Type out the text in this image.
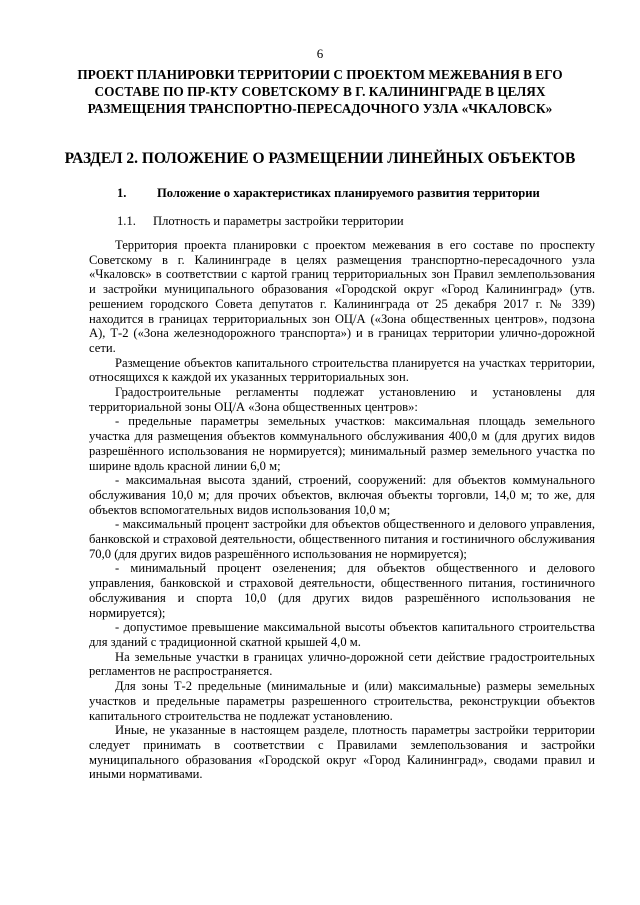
6
ПРОЕКТ ПЛАНИРОВКИ ТЕРРИТОРИИ С ПРОЕКТОМ МЕЖЕВАНИЯ В ЕГО СОСТАВЕ ПО ПР-КТУ СОВЕТСКОМУ В Г. КАЛИНИНГРАДЕ В ЦЕЛЯХ РАЗМЕЩЕНИЯ ТРАНСПОРТНО-ПЕРЕСАДОЧНОГО УЗЛА «ЧКАЛОВСК»
РАЗДЕЛ 2. ПОЛОЖЕНИЕ О РАЗМЕЩЕНИИ ЛИНЕЙНЫХ ОБЪЕКТОВ
1. Положение о характеристиках планируемого развития территории
1.1. Плотность и параметры застройки территории

Территория проекта планировки с проектом межевания в его составе по проспекту Советскому в г. Калининграде в целях размещения транспортно-пересадочного узла «Чкаловск» в соответствии с картой границ территориальных зон Правил землепользования и застройки муниципального образования «Городской округ «Город Калининград» (утв. решением городского Совета депутатов г. Калининграда от 25 декабря 2017 г. № 339) находится в границах территориальных зон ОЦ/А («Зона общественных центров», подзона А), Т-2 («Зона железнодорожного транспорта») и в границах территории улично-дорожной сети.

Размещение объектов капитального строительства планируется на участках территории, относящихся к каждой их указанных территориальных зон.

Градостроительные регламенты подлежат установлению и установлены для территориальной зоны ОЦ/А «Зона общественных центров»:

- предельные параметры земельных участков: максимальная площадь земельного участка для размещения объектов коммунального обслуживания 400,0 м (для других видов разрешённого использования не нормируется); минимальный размер земельного участка по ширине вдоль красной линии 6,0 м;

- максимальная высота зданий, строений, сооружений: для объектов коммунального обслуживания 10,0 м; для прочих объектов, включая объекты торговли, 14,0 м; то же, для объектов вспомогательных видов использования 10,0 м;

- максимальный процент застройки для объектов общественного и делового управления, банковской и страховой деятельности, общественного питания и гостиничного обслуживания 70,0 (для других видов разрешённого использования не нормируется);

- минимальный процент озеленения; для объектов общественного и делового управления, банковской и страховой деятельности, общественного питания, гостиничного обслуживания и спорта 10,0 (для других видов разрешённого использования не нормируется);

- допустимое превышение максимальной высоты объектов капитального строительства для зданий с традиционной скатной крышей 4,0 м.

На земельные участки в границах улично-дорожной сети действие градостроительных регламентов не распространяется.

Для зоны Т-2 предельные (минимальные и (или) максимальные) размеры земельных участков и предельные параметры разрешенного строительства, реконструкции объектов капитального строительства не подлежат установлению.

Иные, не указанные в настоящем разделе, плотность параметры застройки территории следует принимать в соответствии с Правилами землепользования и застройки муниципального образования «Городской округ «Город Калининград», сводами правил и иными нормативами.
